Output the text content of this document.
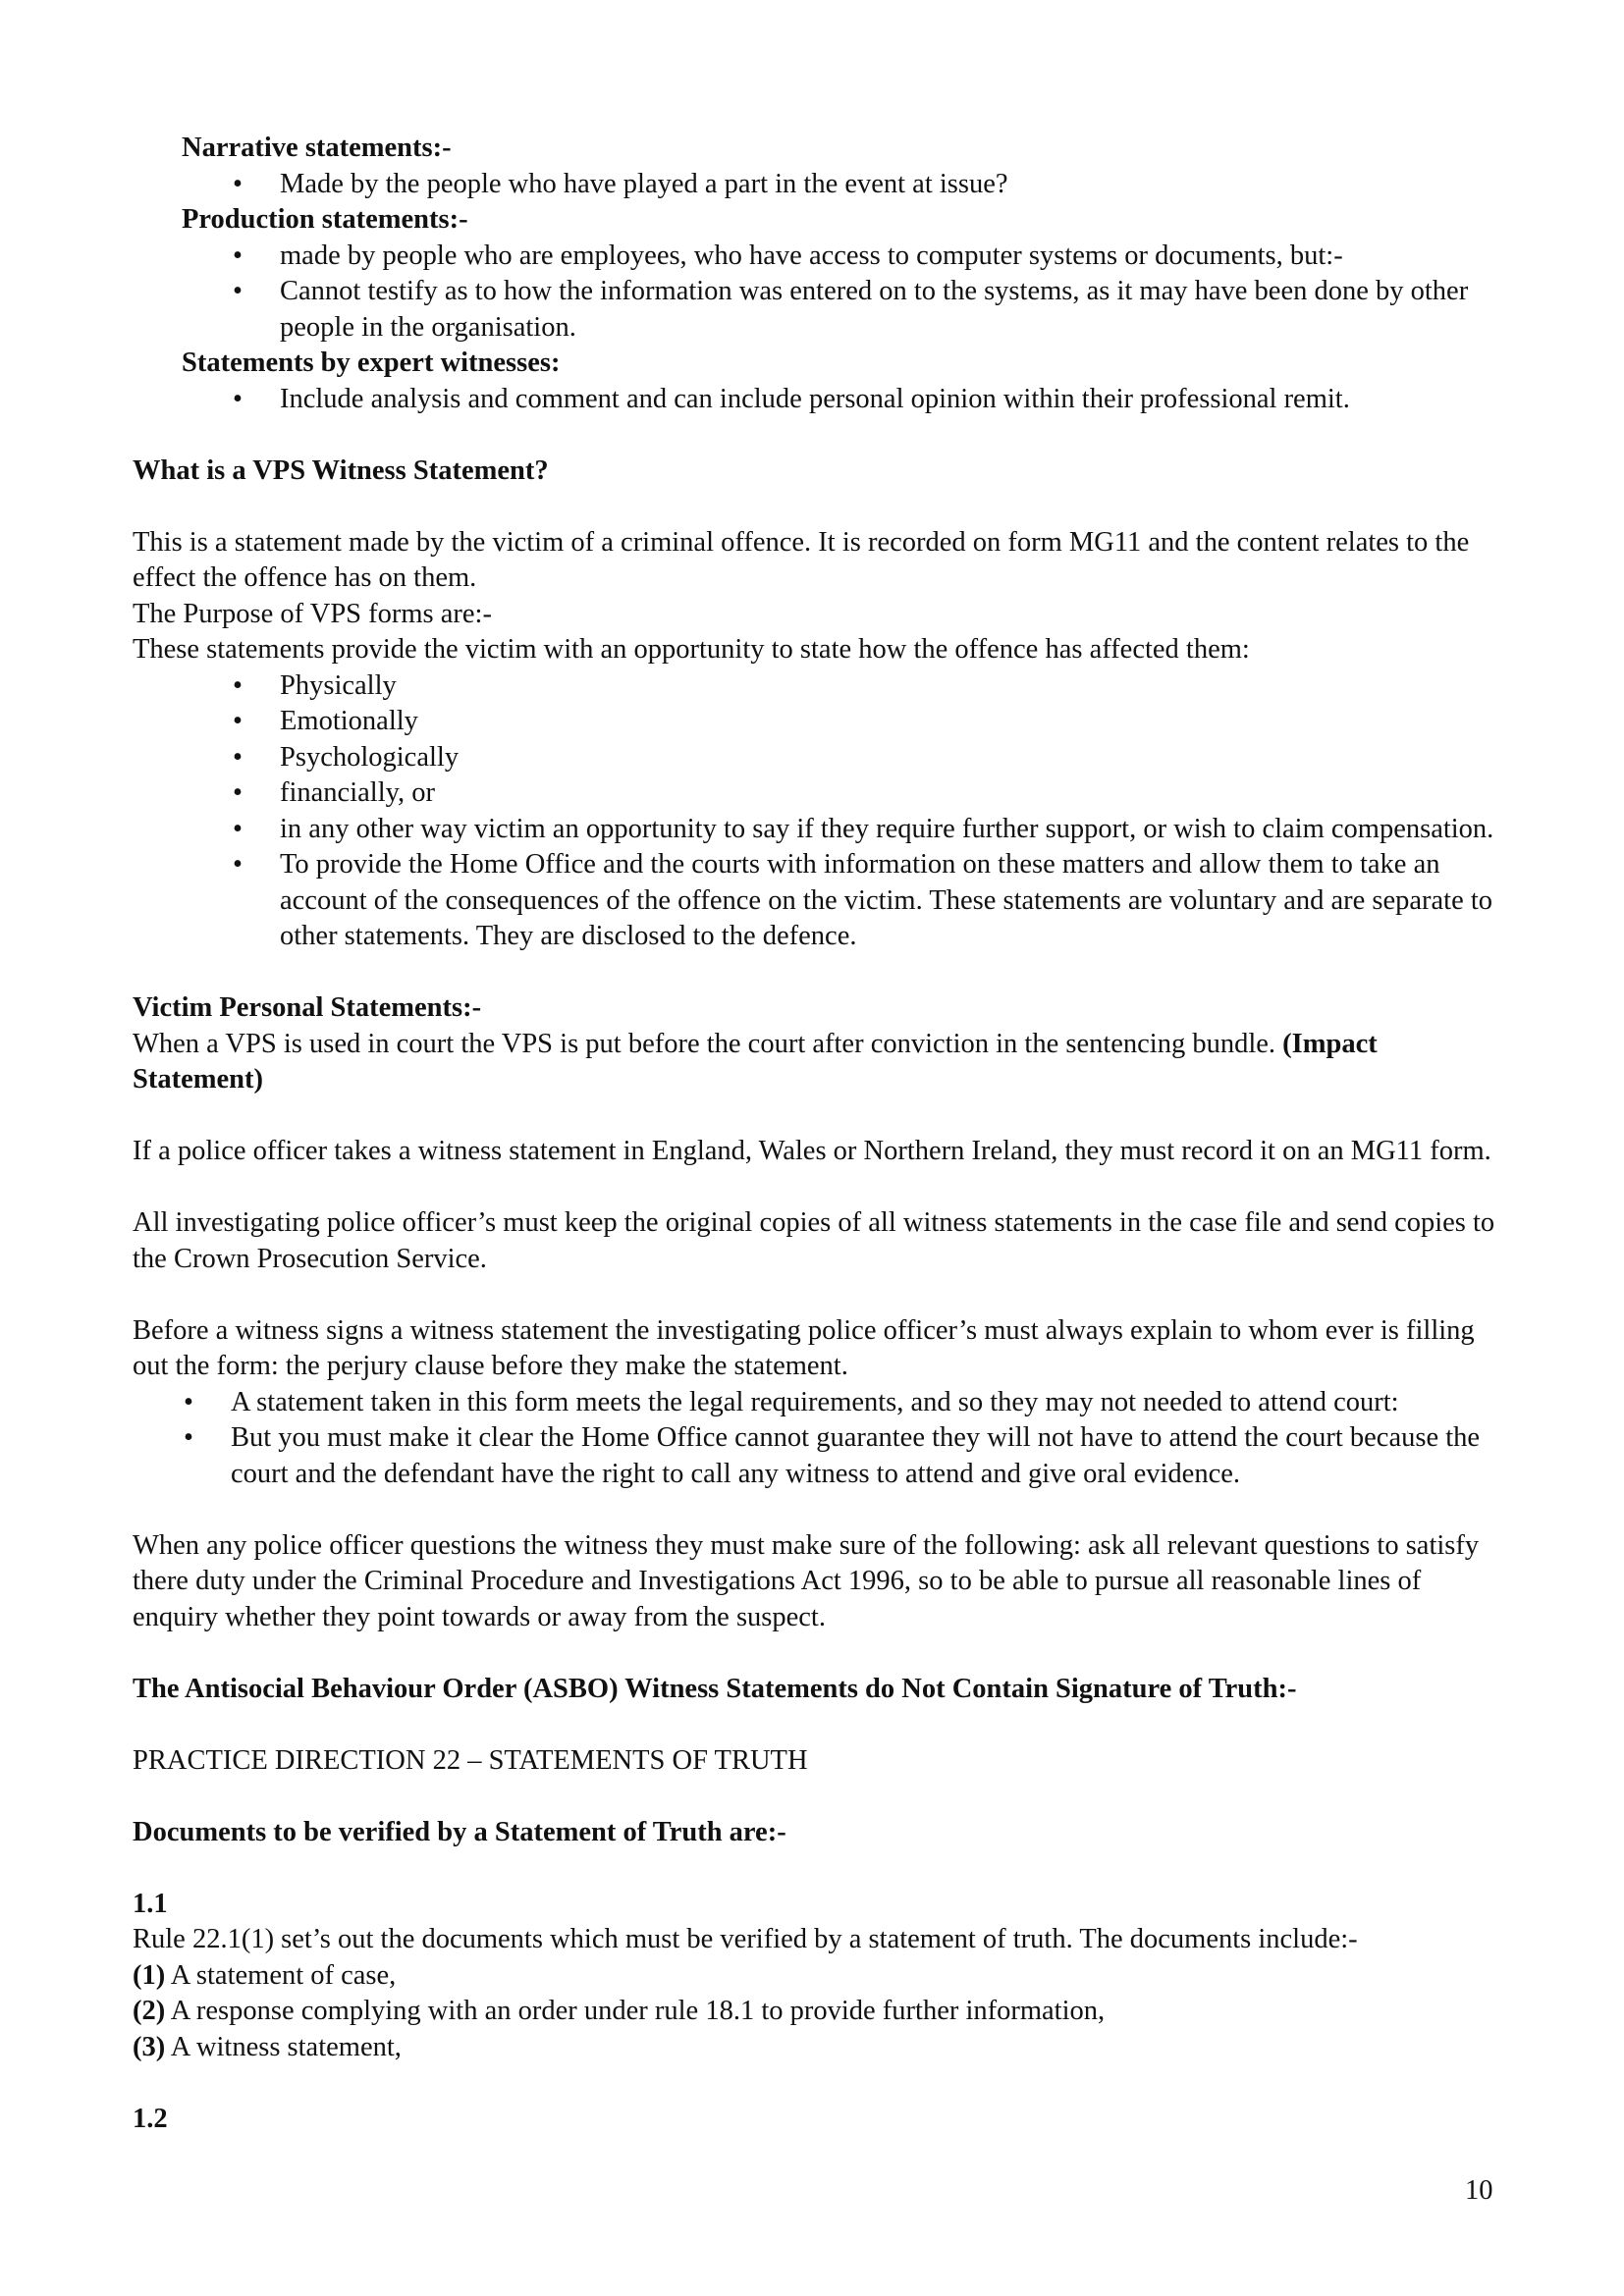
Narrative statements:-

• Made by the people who have played a part in the event at issue?

Production statements:-

• made by people who are employees, who have access to computer systems or documents, but:-
• Cannot testify as to how the information was entered on to the systems, as it may have been done by other people in the organisation.

Statements by expert witnesses:

• Include analysis and comment and can include personal opinion within their professional remit.

What is a VPS Witness Statement?

This is a statement made by the victim of a criminal offence. It is recorded on form MG11 and the content relates to the effect the offence has on them.

The Purpose of VPS forms are:-

These statements provide the victim with an opportunity to state how the offence has affected them:

• Physically
• Emotionally
• Psychologically
• financially, or
• in any other way victim an opportunity to say if they require further support, or wish to claim compensation.
• To provide the Home Office and the courts with information on these matters and allow them to take an account of the consequences of the offence on the victim. These statements are voluntary and are separate to other statements. They are disclosed to the defence.

Victim Personal Statements:-

When a VPS is used in court the VPS is put before the court after conviction in the sentencing bundle. (Impact Statement)

If a police officer takes a witness statement in England, Wales or Northern Ireland, they must record it on an MG11 form.

All investigating police officer’s must keep the original copies of all witness statements in the case file and send copies to the Crown Prosecution Service.

Before a witness signs a witness statement the investigating police officer’s must always explain to whom ever is filling out the form: the perjury clause before they make the statement.

• A statement taken in this form meets the legal requirements, and so they may not needed to attend court:
• But you must make it clear the Home Office cannot guarantee they will not have to attend the court because the court and the defendant have the right to call any witness to attend and give oral evidence.

When any police officer questions the witness they must make sure of the following: ask all relevant questions to satisfy there duty under the Criminal Procedure and Investigations Act 1996, so to be able to pursue all reasonable lines of enquiry whether they point towards or away from the suspect.

The Antisocial Behaviour Order (ASBO) Witness Statements do Not Contain Signature of Truth:-

PRACTICE DIRECTION 22 – STATEMENTS OF TRUTH

Documents to be verified by a Statement of Truth are:-

1.1

Rule 22.1(1) set’s out the documents which must be verified by a statement of truth. The documents include:-

(1) A statement of case,

(2) A response complying with an order under rule 18.1 to provide further information,

(3) A witness statement,

1.2

10
